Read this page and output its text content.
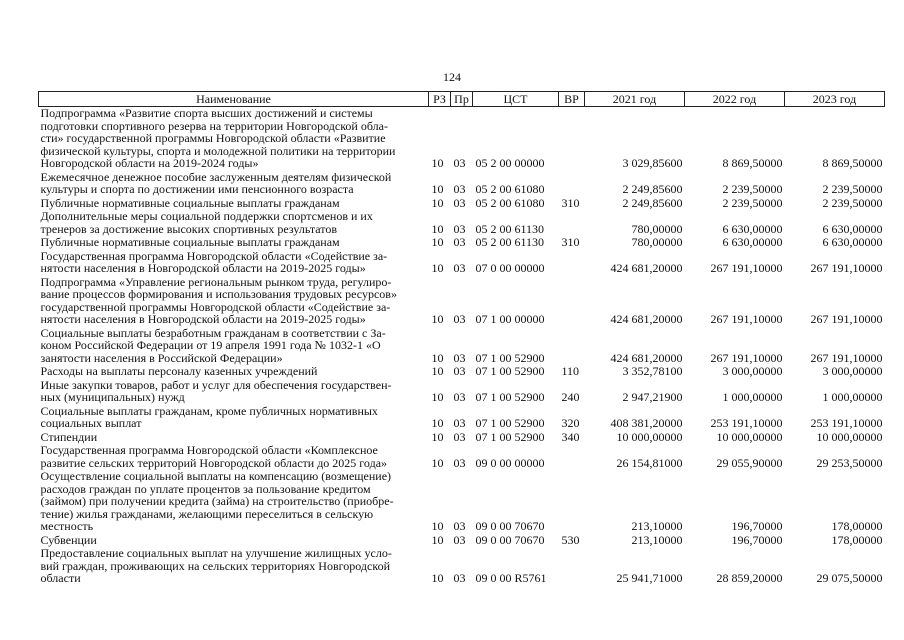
124
Наименование	РЗ	Пр	ЦСТ	ВР	2021 год	2022 год	2023 год
Подпрограмма «Развитие спорта высших достижений и системы
подготовки спортивного резерва на территории Новгородской обла-
сти» государственной программы Новгородской области «Развитие
физической культуры, спорта и молодежной политики на территории
Новгородской области на 2019-2024 годы»	10	03	05 2 00 00000		3 029,85600	8 869,50000	8 869,50000
Ежемесячное денежное пособие заслуженным деятелям физической
культуры и спорта по достижении ими пенсионного возраста	10	03	05 2 00 61080		2 249,85600	2 239,50000	2 239,50000
Публичные нормативные социальные выплаты гражданам	10	03	05 2 00 61080	310	2 249,85600	2 239,50000	2 239,50000
Дополнительные меры социальной поддержки спортсменов и их
тренеров за достижение высоких спортивных результатов	10	03	05 2 00 61130		780,00000	6 630,00000	6 630,00000
Публичные нормативные социальные выплаты гражданам	10	03	05 2 00 61130	310	780,00000	6 630,00000	6 630,00000
Государственная программа Новгородской области «Содействие за-
нятости населения в Новгородской области на 2019-2025 годы»	10	03	07 0 00 00000		424 681,20000	267 191,10000	267 191,10000
Подпрограмма «Управление региональным рынком труда, регулиро-
вание процессов формирования и использования трудовых ресурсов»
государственной программы Новгородской области «Содействие за-
нятости населения в Новгородской области на 2019-2025 годы»	10	03	07 1 00 00000		424 681,20000	267 191,10000	267 191,10000
Социальные выплаты безработным гражданам в соответствии с За-
коном Российской Федерации от 19 апреля 1991 года № 1032-1 «О
занятости населения в Российской Федерации»	10	03	07 1 00 52900		424 681,20000	267 191,10000	267 191,10000
Расходы на выплаты персоналу казенных учреждений	10	03	07 1 00 52900	110	3 352,78100	3 000,00000	3 000,00000
Иные закупки товаров, работ и услуг для обеспечения государствен-
ных (муниципальных) нужд	10	03	07 1 00 52900	240	2 947,21900	1 000,00000	1 000,00000
Социальные выплаты гражданам, кроме публичных нормативных
социальных выплат	10	03	07 1 00 52900	320	408 381,20000	253 191,10000	253 191,10000
Стипендии	10	03	07 1 00 52900	340	10 000,00000	10 000,00000	10 000,00000
Государственная программа Новгородской области «Комплексное
развитие сельских территорий Новгородской области до 2025 года»	10	03	09 0 00 00000		26 154,81000	29 055,90000	29 253,50000
Осуществление социальной выплаты на компенсацию (возмещение)
расходов граждан по уплате процентов за пользование кредитом
(займом) при получении кредита (займа) на строительство (приобре-
тение) жилья гражданами, желающими переселиться в сельскую
местность	10	03	09 0 00 70670		213,10000	196,70000	178,00000
Субвенции	10	03	09 0 00 70670	530	213,10000	196,70000	178,00000
Предоставление социальных выплат на улучшение жилищных усло-
вий граждан, проживающих на сельских территориях Новгородской
области	10	03	09 0 00 R5761		25 941,71000	28 859,20000	29 075,50000
